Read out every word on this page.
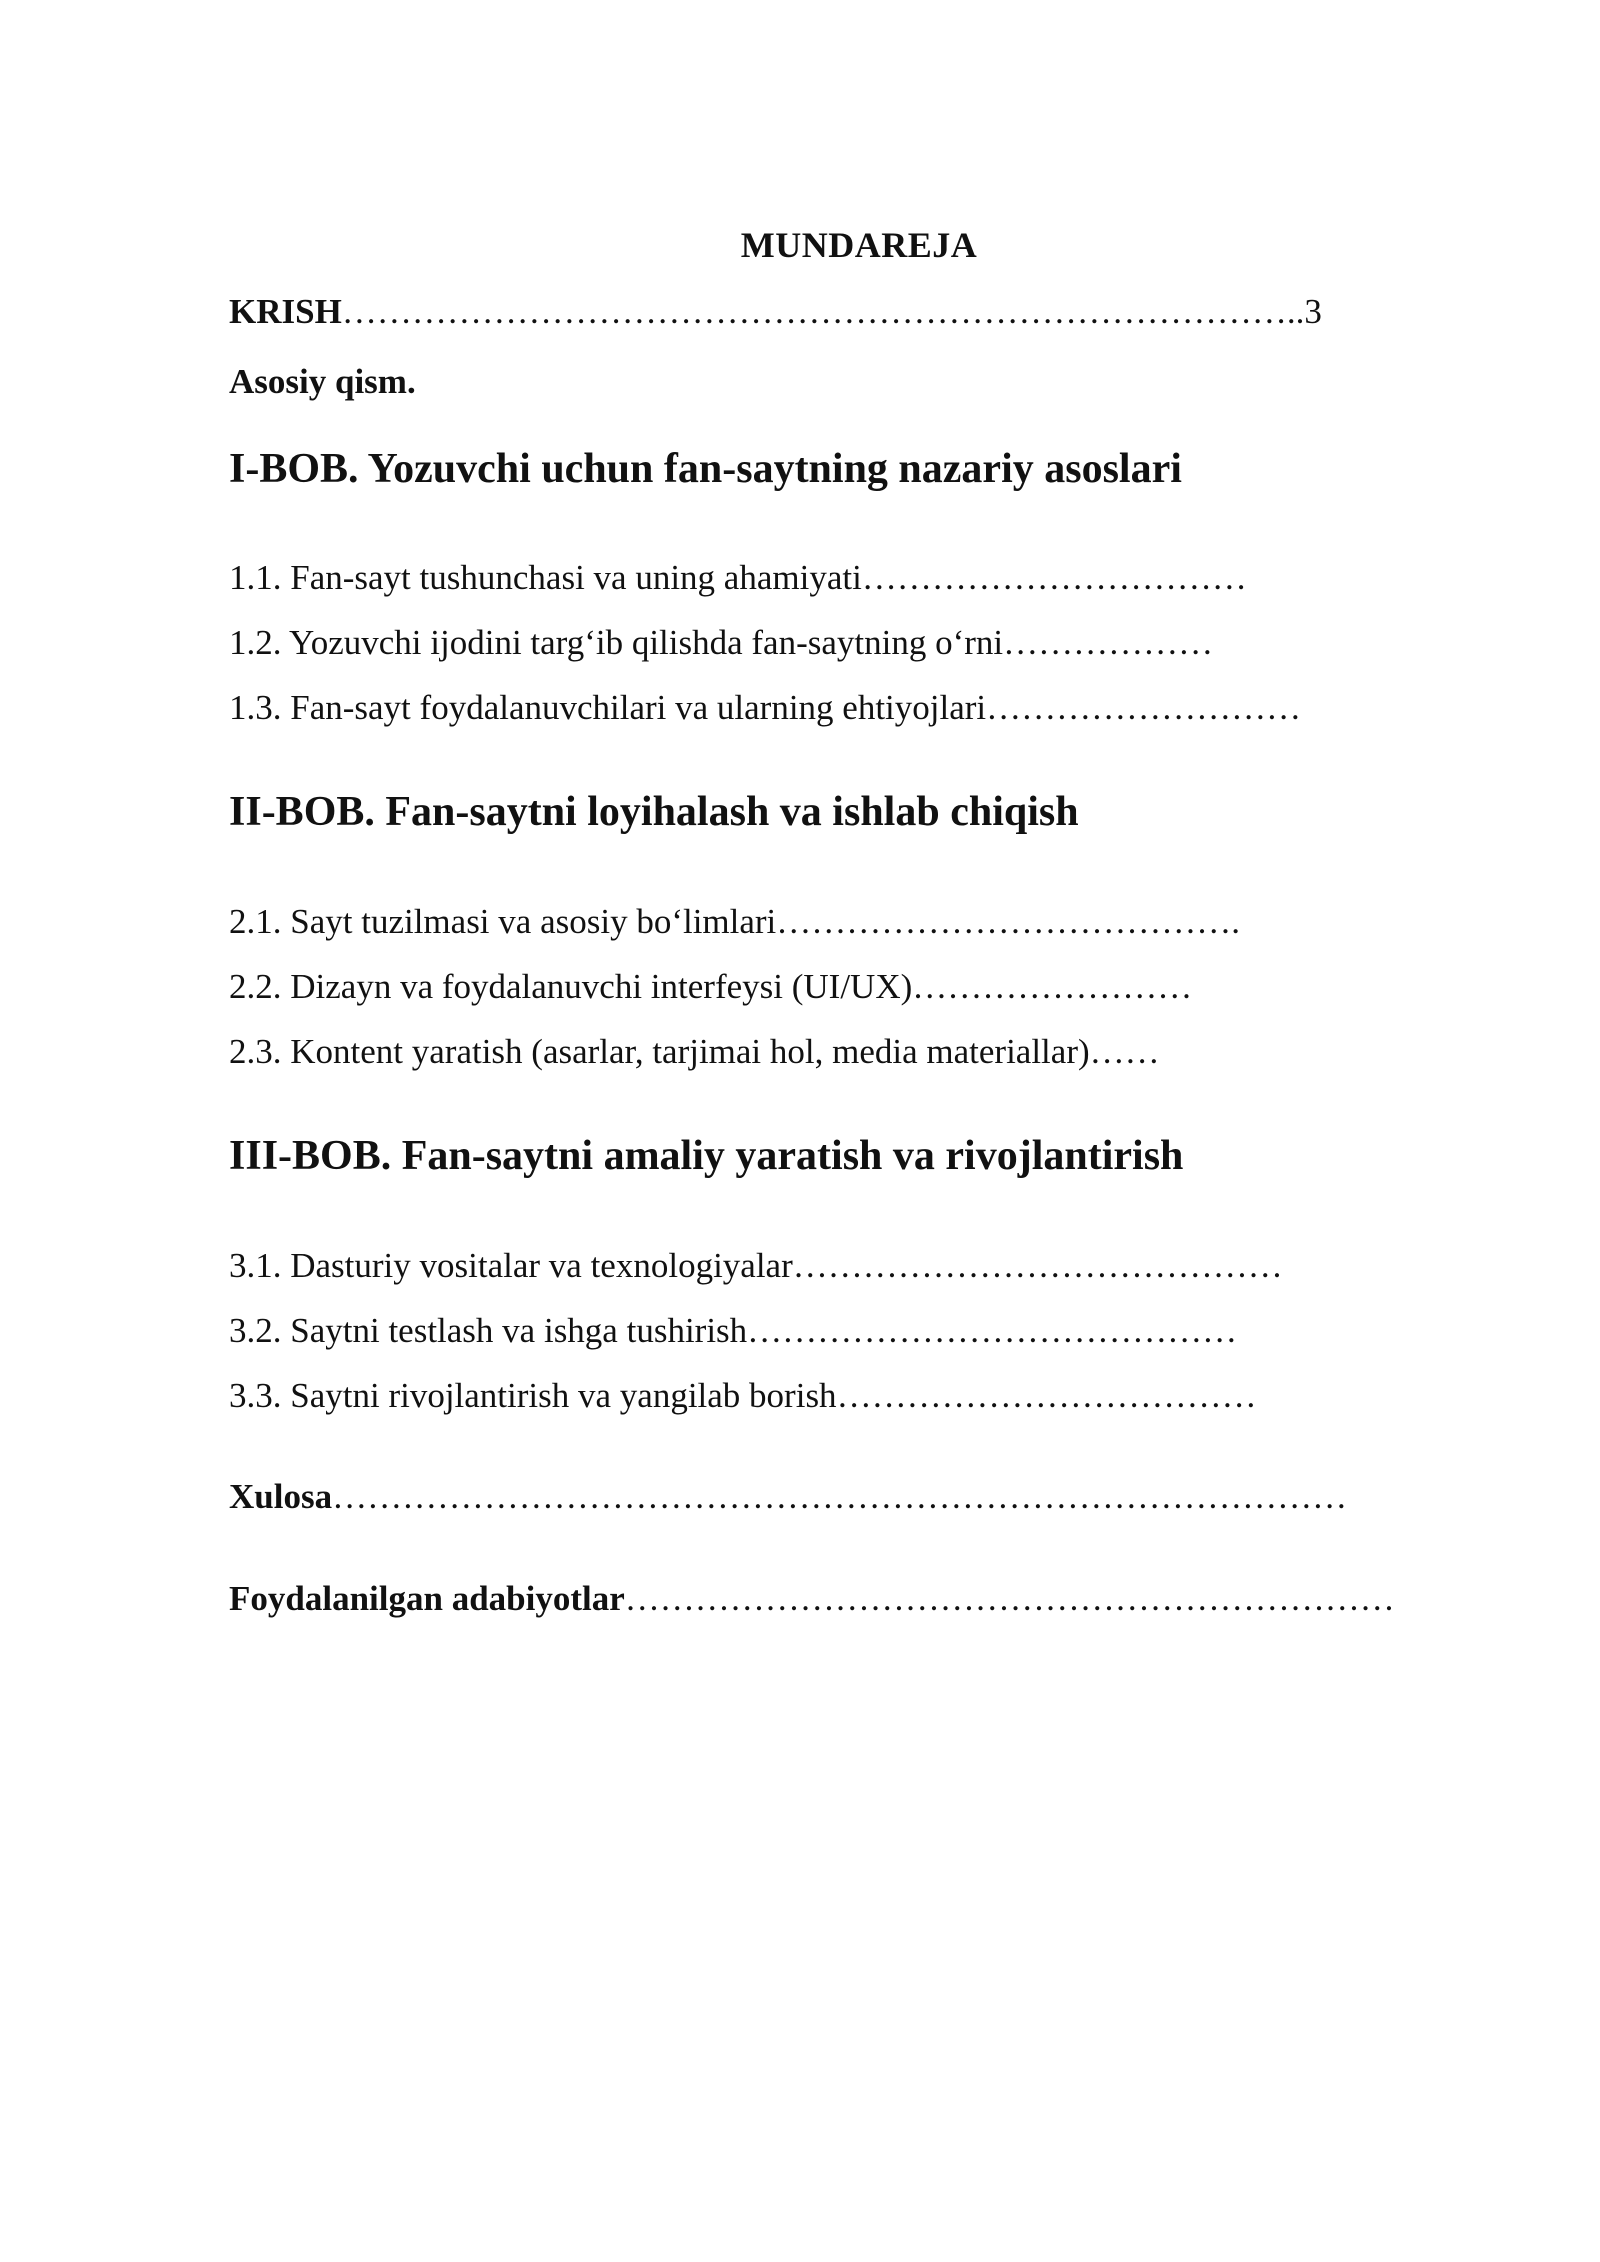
MUNDAREJA
KRISH………………………………………………………………………..3
Asosiy qism.
I-BOB. Yozuvchi uchun fan-saytning nazariy asoslari
1.1. Fan-sayt tushunchasi va uning ahamiyati……………………………
1.2. Yozuvchi ijodini targ‘ib qilishda fan-saytning o‘rni………………
1.3. Fan-sayt foydalanuvchilari va ularning ehtiyojlari………………………
II-BOB. Fan-saytni loyihalash va ishlab chiqish
2.1. Sayt tuzilmasi va asosiy bo‘limlari………………………………….
2.2. Dizayn va foydalanuvchi interfeysi (UI/UX)……………………
2.3. Kontent yaratish (asarlar, tarjimai hol, media materiallar)……
III-BOB. Fan-saytni amaliy yaratish va rivojlantirish
3.1. Dasturiy vositalar va texnologiyalar……………………………………
3.2. Saytni testlash va ishga tushirish……………………………………
3.3. Saytni rivojlantirish va yangilab borish………………………………
Xulosa……………………………………………………………………………
Foydalanilgan adabiyotlar…………………………………………………………
